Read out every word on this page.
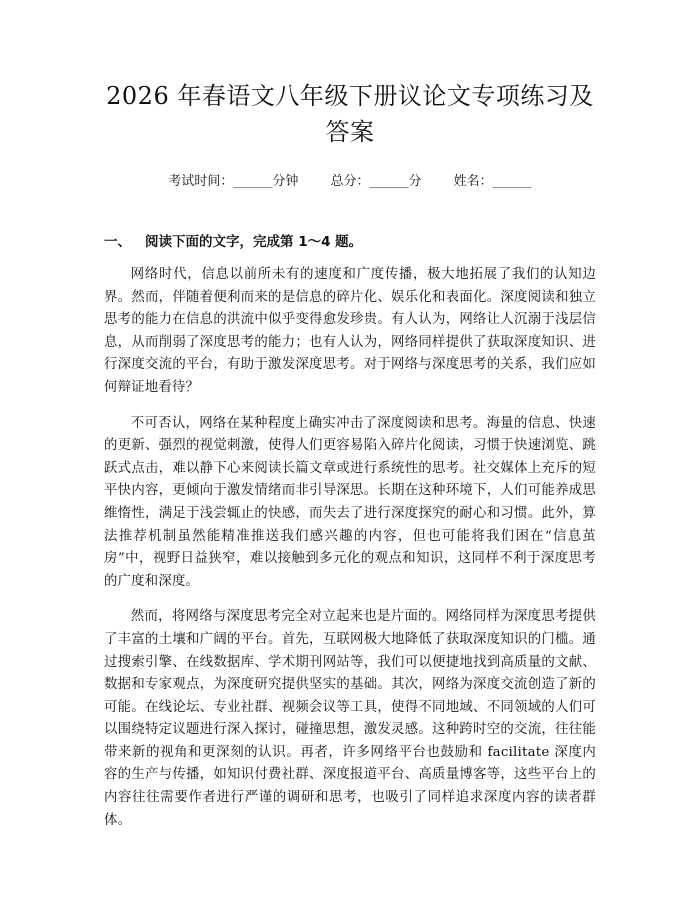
2026 年春语文八年级下册议论文专项练习及
答案
考试时间：______分钟 总分：______分 姓名：______
一、 阅读下面的文字，完成第 1～4 题。

网络时代，信息以前所未有的速度和广度传播，极大地拓展了我们的认知边界。然而，伴随着便利而来的是信息的碎片化、娱乐化和表面化。深度阅读和独立思考的能力在信息的洪流中似乎变得愈发珍贵。有人认为，网络让人沉溺于浅层信息，从而削弱了深度思考的能力；也有人认为，网络同样提供了获取深度知识、进行深度交流的平台，有助于激发深度思考。对于网络与深度思考的关系，我们应如何辩证地看待？

不可否认，网络在某种程度上确实冲击了深度阅读和思考。海量的信息、快速的更新、强烈的视觉刺激，使得人们更容易陷入碎片化阅读，习惯于快速浏览、跳跃式点击，难以静下心来阅读长篇文章或进行系统性的思考。社交媒体上充斥的短平快内容，更倾向于激发情绪而非引导深思。长期在这种环境下，人们可能养成思维惰性，满足于浅尝辄止的快感，而失去了进行深度探究的耐心和习惯。此外，算法推荐机制虽然能精准推送我们感兴趣的内容，但也可能将我们困在“信息茧房”中，视野日益狭窄，难以接触到多元化的观点和知识，这同样不利于深度思考的广度和深度。

然而，将网络与深度思考完全对立起来也是片面的。网络同样为深度思考提供了丰富的土壤和广阔的平台。首先，互联网极大地降低了获取深度知识的门槛。通过搜索引擎、在线数据库、学术期刊网站等，我们可以便捷地找到高质量的文献、数据和专家观点，为深度研究提供坚实的基础。其次，网络为深度交流创造了新的可能。在线论坛、专业社群、视频会议等工具，使得不同地域、不同领域的人们可以围绕特定议题进行深入探讨，碰撞思想，激发灵感。这种跨时空的交流，往往能带来新的视角和更深刻的认识。再者，许多网络平台也鼓励和 facilitate 深度内容的生产与传播，如知识付费社群、深度报道平台、高质量博客等，这些平台上的内容往往需要作者进行严谨的调研和思考，也吸引了同样追求深度内容的读者群体。
